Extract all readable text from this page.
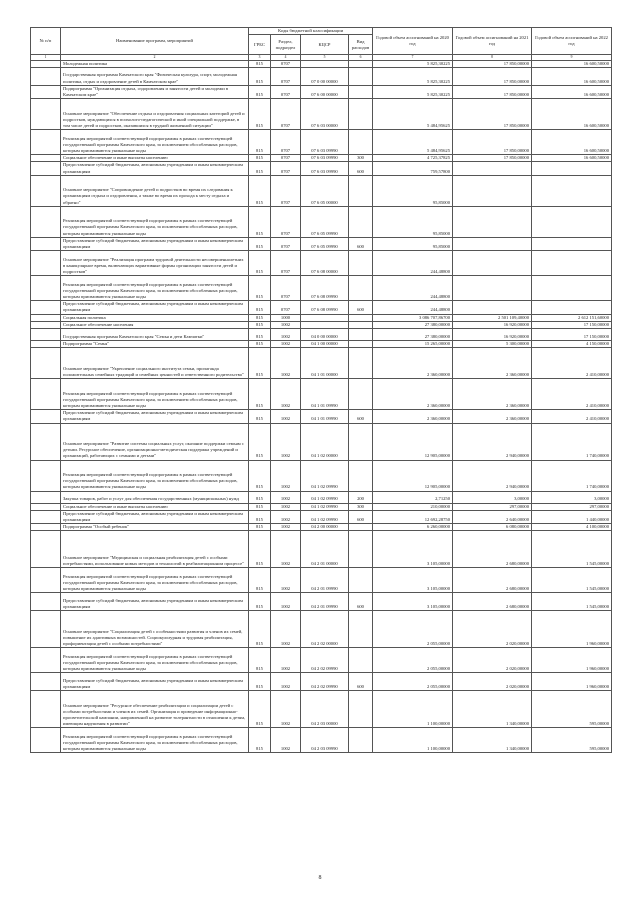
№ п/п	Наименование программ, мероприятий	Коды бюджетной классификации				Годовой объем ассигнований на 2020 год	Годовой объем ассигнований на 2021 год	Годовой объем ассигнований на 2022 год
		ГРБС	Раздел, подраздел	КЦСР	Вид расходов			
1	2	3	4	5	6	7	8	9
	Молодежная политика	815	0707			5 825,30225	17 850,00000	16 600,50000
	Государственная программа Камчатского края "Физическая культура, спорт, молодежная политика, отдых и оздоровление детей в Камчатском крае"	815	0707	07 0 00 00000		5 825,30225	17 850,00000	16 600,50000
	Подпрограмма "Организация отдыха, оздоровления и занятости детей и молодежи в Камчатском крае"	815	0707	07 6 00 00000		5 825,30225	17 850,00000	16 600,50000
	Основное мероприятие "Обеспечение отдыха и оздоровления социальных категорий детей и подростков, нуждающихся в психолого-педагогической и иной специальной поддержке, в том числе детей и подростков, оказавшихся в трудной жизненной ситуации"	815	0707	07 6 03 00000		5 484,95625	17 850,00000	16 600,50000
	Реализация мероприятий соответствующей подпрограммы в рамках соответствующей государственной программы Камчатского края, за исключением обособленных расходов, которым присваиваются уникальные коды	815	0707	07 6 03 09990		5 484,95625	17 850,00000	16 600,50000
	Социальное обеспечение и иные выплаты населению	815	0707	07 6 03 09990	300	4 725,37825	17 850,00000	16 600,50000
	Предоставление субсидий бюджетным, автономным учреждениям и иным некоммерческим организациям	815	0707	07 6 03 09990	600	759,57800		
	Основное мероприятие "Сопровождение детей и подростков во время их следования к организациям отдыха и оздоровления, а также во время их прохода к месту отдыха и обратно"	815	0707	07 6 05 00000		95,85000		
	Реализация мероприятий соответствующей подпрограммы в рамках соответствующей государственной программы Камчатского края, за исключением обособленных расходов, которым присваиваются уникальные коды	815	0707	07 6 05 09990		95,85000		
	Предоставление субсидий бюджетным, автономным учреждениям и иным некоммерческим организациям	815	0707	07 6 05 09990	600	95,85000		
	Основное мероприятие "Реализация программ трудовой деятельности несовершеннолетних в каникулярное время, включающих вариативные формы организации занятости детей и подростков"	815	0707	07 6 08 00000		244,48800		
	Реализация мероприятий соответствующей подпрограммы в рамках соответствующей государственной программы Камчатского края, за исключением обособленных расходов, которым присваиваются уникальные коды	815	0707	07 6 08 09990		244,48800		
	Предоставление субсидий бюджетным, автономным учреждениям и иным некоммерческим организациям	815	0707	07 6 08 09990	600	244,48800		
	Социальная политика	815	1000			3 086 707,86700	2 501 109,40000	2 612 151,60000
	Социальное обеспечение населения	815	1002			27 380,00000	16 920,00000	17 150,00000
	Государственная программа Камчатского края "Семья и дети Камчатки"	815	1002	04 0 00 00000		27 380,00000	16 920,00000	17 150,00000
	Подпрограмма "Семья"	815	1002	04 1 00 00000		15 265,00000	5 300,00000	4 150,00000
	Основное мероприятие "Укрепление социального института семьи, пропаганда положительных семейных традиций и семейных ценностей и ответственного родительства"	815	1002	04 1 01 00000		2 360,00000	2 360,00000	2 410,00000
	Реализация мероприятий соответствующей подпрограммы в рамках соответствующей государственной программы Камчатского края, за исключением обособленных расходов, которым присваиваются уникальные коды	815	1002	04 1 01 09990		2 360,00000	2 360,00000	2 410,00000
	Предоставление субсидий бюджетным, автономным учреждениям и иным некоммерческим организациям	815	1002	04 1 01 09990	600	2 360,00000	2 360,00000	2 410,00000
	Основное мероприятие "Развитие системы социальных услуг, оказание поддержки семьям с детьми. Ресурсное обеспечение, организационно-методическая поддержка учреждений и организаций, работающих с семьями и детьми"	815	1002	04 1 02 00000		12 905,00000	2 940,00000	1 740,00000
	Реализация мероприятий соответствующей подпрограммы в рамках соответствующей государственной программы Камчатского края, за исключением обособленных расходов, которым присваиваются уникальные коды	815	1002	04 1 02 09990		12 905,00000	2 940,00000	1 740,00000
	Закупка товаров, работ и услуг для обеспечения государственных (муниципальных) нужд	815	1002	04 1 02 09990	200	2,71250	3,00000	3,00000
	Социальное обеспечение и иные выплаты населению	815	1002	04 1 02 09990	300	210,00000	297,00000	297,00000
	Предоставление субсидий бюджетным, автономным учреждениям и иным некоммерческим организациям	815	1002	04 1 02 09990	600	12 692,28750	2 640,00000	1 440,00000
	Подпрограмма "Особый ребенок"	815	1002	04 2 00 00000		6 260,00000	6 080,00000	4 100,00000
	Основное мероприятие "Медицинская и социальная реабилитация детей с особыми потребностями, использование новых методов и технологий в реабилитационном процессе"	815	1002	04 2 01 00000		3 105,00000	2 680,00000	1 545,00000
	Реализация мероприятий соответствующей подпрограммы в рамках соответствующей государственной программы Камчатского края, за исключением обособленных расходов, которым присваиваются уникальные коды	815	1002	04 2 01 09990		3 105,00000	2 680,00000	1 545,00000
	Предоставление субсидий бюджетным, автономным учреждениям и иным некоммерческим организациям	815	1002	04 2 01 09990	600	3 105,00000	2 680,00000	1 545,00000
	Основное мероприятие "Социализация детей с особенностями развития и членов их семей, повышение их адаптивных возможностей. Социокультурная и трудовая реабилитация, профориентация детей с особыми потребностями"	815	1002	04 2 02 00000		2 055,00000	2 020,00000	1 960,00000
	Реализация мероприятий соответствующей подпрограммы в рамках соответствующей государственной программы Камчатского края, за исключением обособленных расходов, которым присваиваются уникальные коды	815	1002	04 2 02 09990		2 055,00000	2 020,00000	1 960,00000
	Предоставление субсидий бюджетным, автономным учреждениям и иным некоммерческим организациям	815	1002	04 2 02 09990	600	2 055,00000	2 020,00000	1 960,00000
	Основное мероприятие "Ресурсное обеспечение реабилитации и социализации детей с особыми потребностями и членов их семей. Организация и проведение информационно-просветительской кампании, направленной на развитие толерантности в отношении к детям, имеющим нарушения в развитии"	815	1002	04 2 03 00000		1 100,00000	1 340,00000	595,00000
	Реализация мероприятий соответствующей подпрограммы в рамках соответствующей государственной программы Камчатского края, за исключением обособленных расходов, которым присваиваются уникальные коды	815	1002	04 2 03 09990		1 100,00000	1 340,00000	595,00000
8
